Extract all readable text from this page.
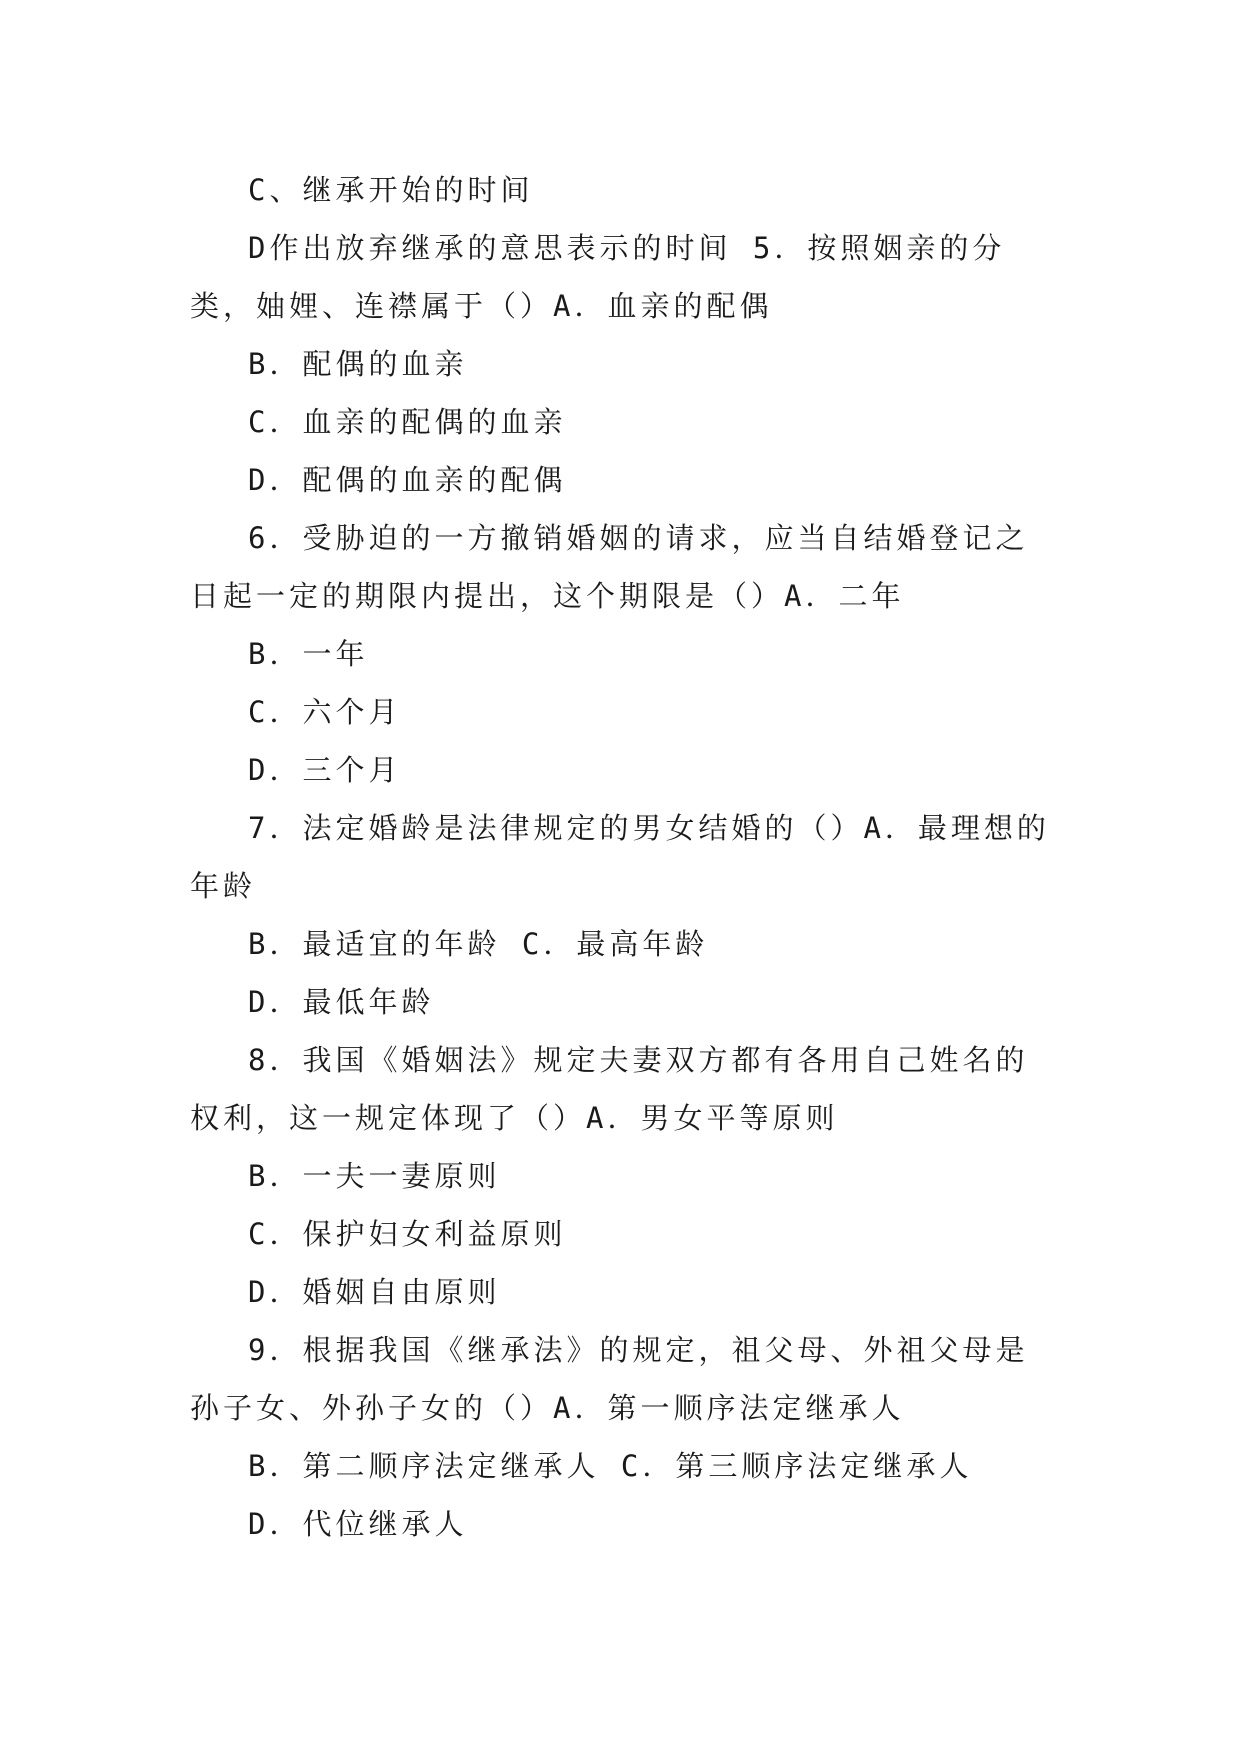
C、继承开始的时间

D作出放弃继承的意思表示的时间 5．按照姻亲的分类，妯娌、连襟属于（）A．血亲的配偶

B．配偶的血亲

C．血亲的配偶的血亲

D．配偶的血亲的配偶

6．受胁迫的一方撤销婚姻的请求，应当自结婚登记之日起一定的期限内提出，这个期限是（）A．二年

B．一年

C．六个月

D．三个月

7．法定婚龄是法律规定的男女结婚的（）A．最理想的年龄

B．最适宜的年龄 C．最高年龄

D．最低年龄

8．我国《婚姻法》规定夫妻双方都有各用自己姓名的权利，这一规定体现了（）A．男女平等原则

B．一夫一妻原则

C．保护妇女利益原则

D．婚姻自由原则

9．根据我国《继承法》的规定，祖父母、外祖父母是孙子女、外孙子女的（）A．第一顺序法定继承人

B．第二顺序法定继承人 C．第三顺序法定继承人

D．代位继承人
